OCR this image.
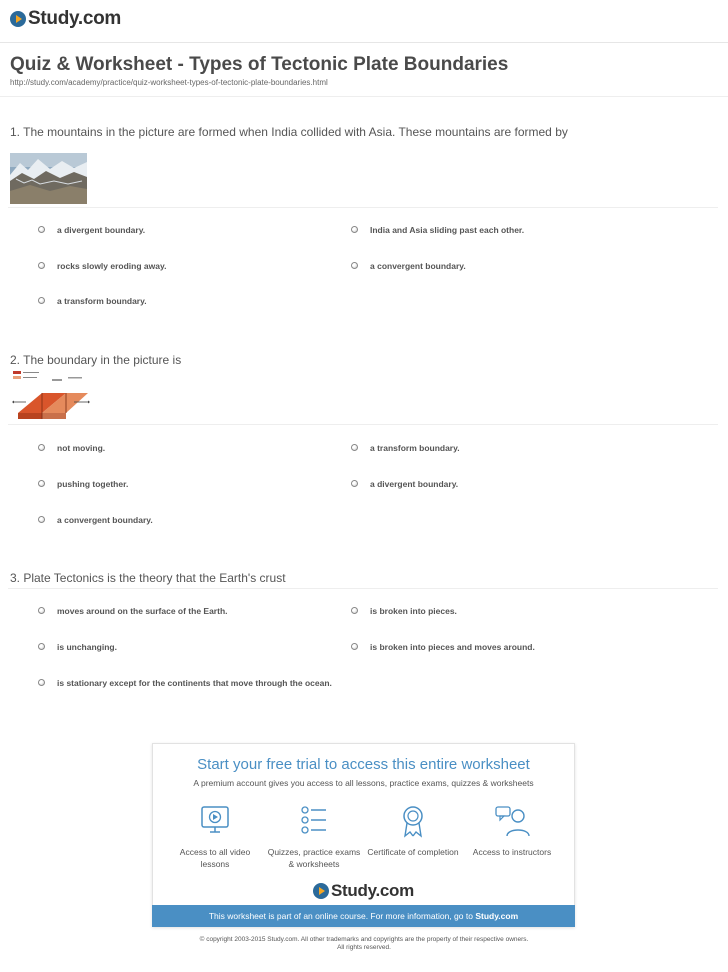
Study.com
Quiz & Worksheet - Types of Tectonic Plate Boundaries
http://study.com/academy/practice/quiz-worksheet-types-of-tectonic-plate-boundaries.html
1. The mountains in the picture are formed when India collided with Asia. These mountains are formed by
a divergent boundary.	India and Asia sliding past each other.
rocks slowly eroding away.	a convergent boundary.
a transform boundary.
2. The boundary in the picture is
not moving.	a transform boundary.
pushing together.	a divergent boundary.
a convergent boundary.
3. Plate Tectonics is the theory that the Earth's crust
moves around on the surface of the Earth.	is broken into pieces.
is unchanging.	is broken into pieces and moves around.
is stationary except for the continents that move through the ocean.
Start your free trial to access this entire worksheet
A premium account gives you access to all lessons, practice exams, quizzes & worksheets
Access to all video lessons
Quizzes, practice exams & worksheets
Certificate of completion	Access to instructors
Study.com
This worksheet is part of an online course. For more information, go to Study.com
© copyright 2003-2015 Study.com. All other trademarks and copyrights are the property of their respective owners.
All rights reserved.
